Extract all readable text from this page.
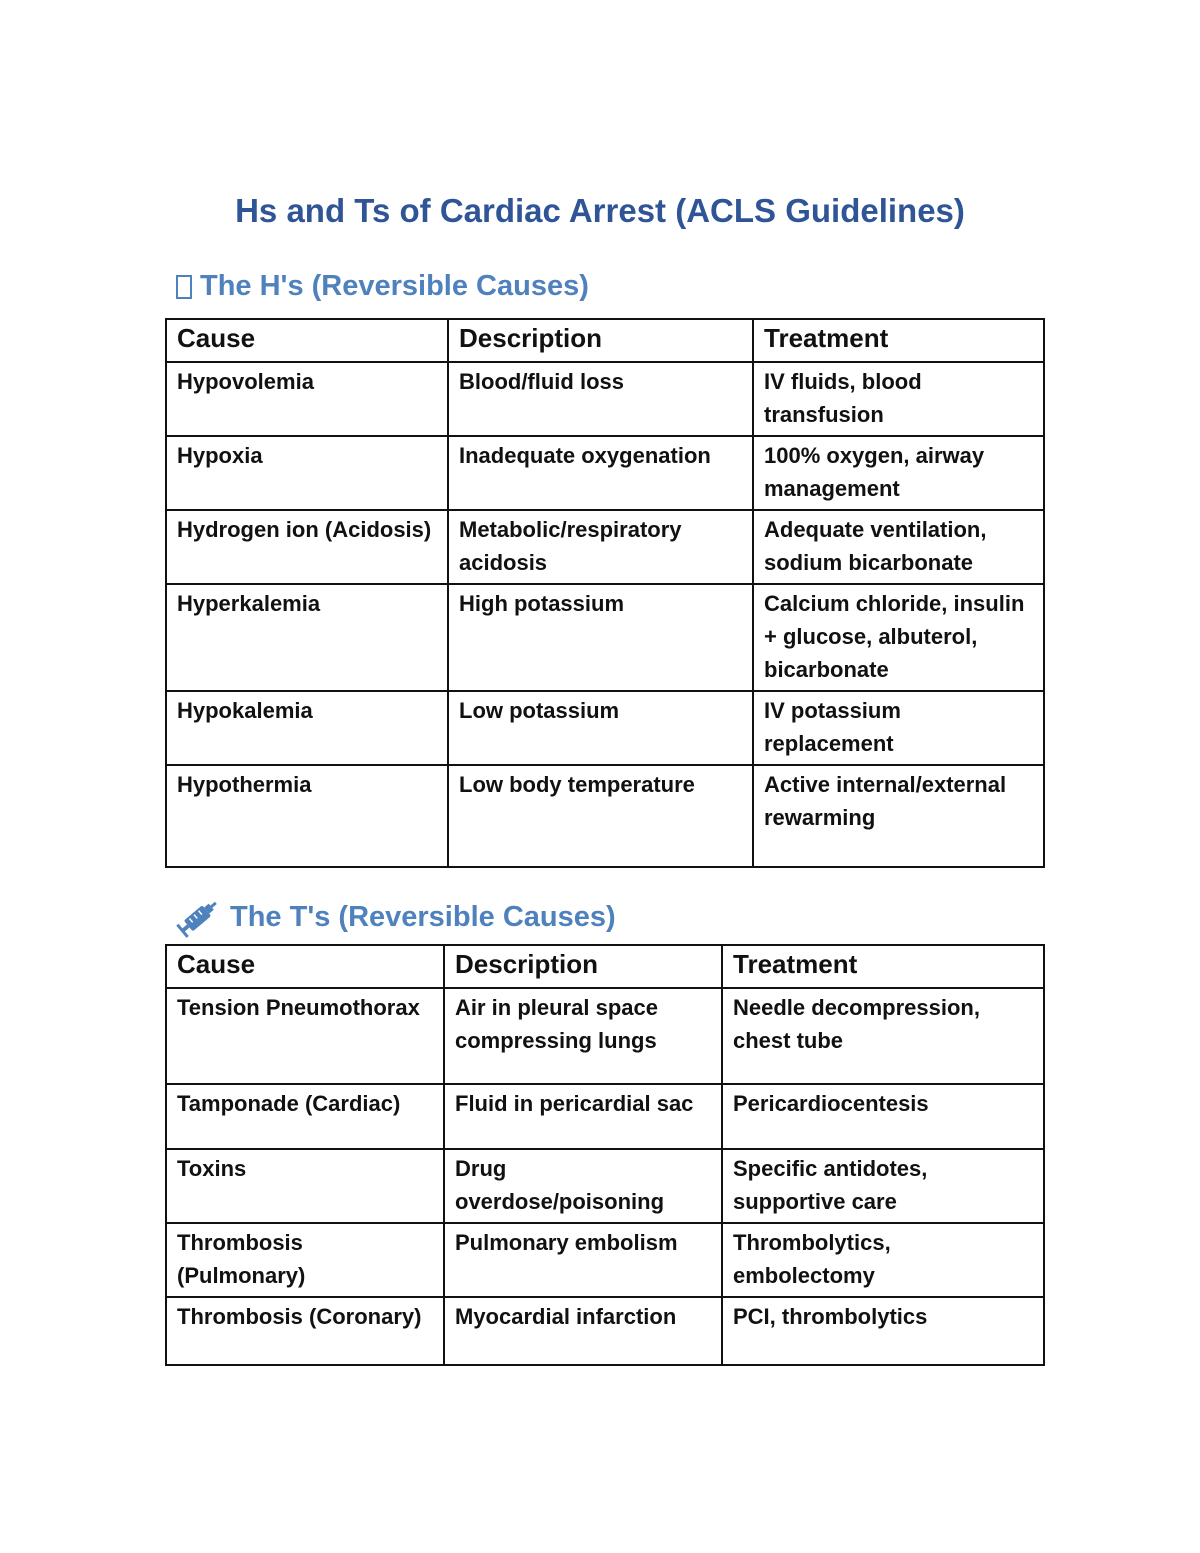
Hs and Ts of Cardiac Arrest (ACLS Guidelines)
The H's (Reversible Causes)
Cause	Description	Treatment
Hypovolemia	Blood/fluid loss	IV fluids, blood transfusion
Hypoxia	Inadequate oxygenation	100% oxygen, airway management
Hydrogen ion (Acidosis)	Metabolic/respiratory acidosis	Adequate ventilation, sodium bicarbonate
Hyperkalemia	High potassium	Calcium chloride, insulin + glucose, albuterol, bicarbonate
Hypokalemia	Low potassium	IV potassium replacement
Hypothermia	Low body temperature	Active internal/external rewarming
The T's (Reversible Causes)
Cause	Description	Treatment
Tension Pneumothorax	Air in pleural space compressing lungs	Needle decompression, chest tube
Tamponade (Cardiac)	Fluid in pericardial sac	Pericardiocentesis
Toxins	Drug overdose/poisoning	Specific antidotes, supportive care
Thrombosis (Pulmonary)	Pulmonary embolism	Thrombolytics, embolectomy
Thrombosis (Coronary)	Myocardial infarction	PCI, thrombolytics
